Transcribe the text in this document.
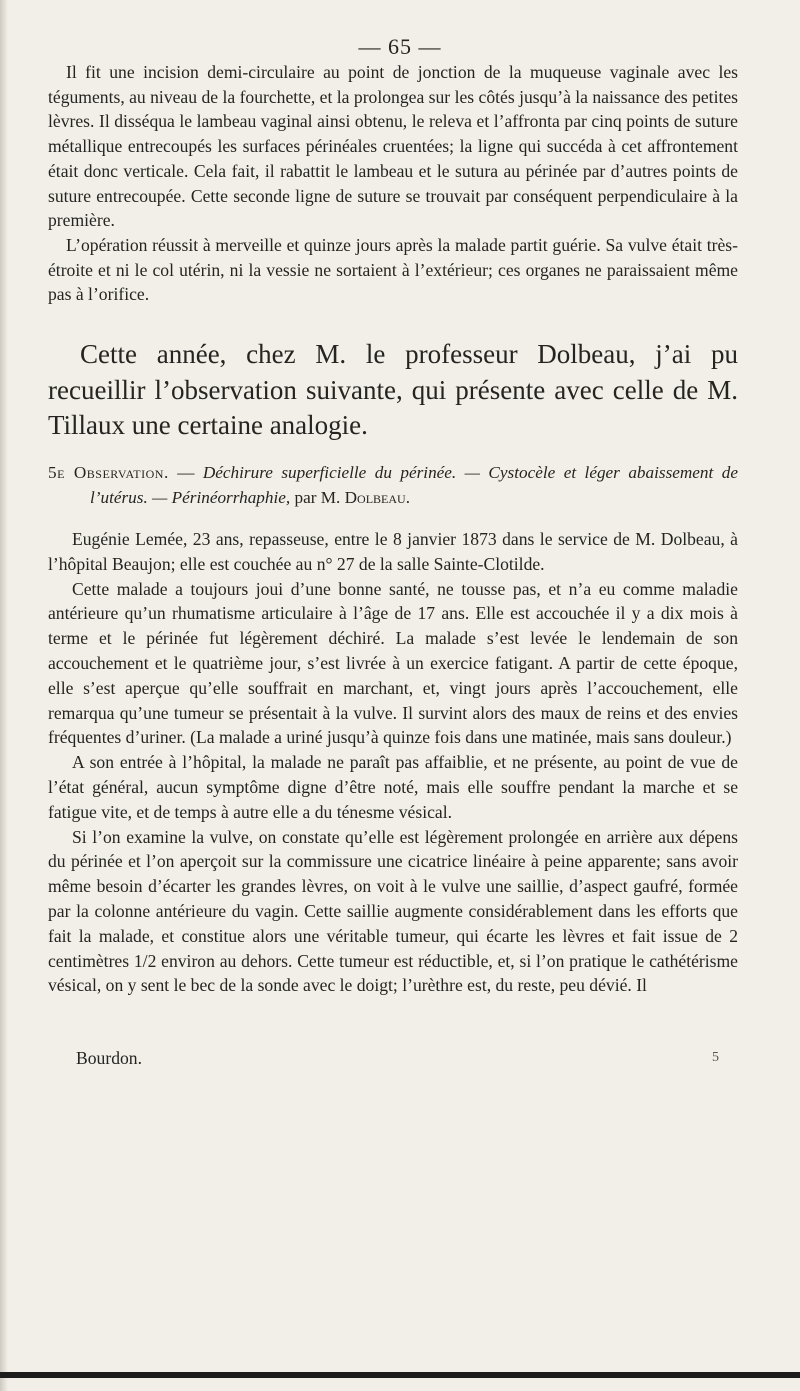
— 65 —

Il fit une incision demi-circulaire au point de jonction de la muqueuse vaginale avec les téguments, au niveau de la fourchette, et la prolongea sur les côtés jusqu’à la naissance des petites lèvres. Il disséqua le lambeau vaginal ainsi obtenu, le releva et l’affronta par cinq points de suture métallique entrecoupés les surfaces périnéales cruentées; la ligne qui succéda à cet affrontement était donc verticale. Cela fait, il rabattit le lambeau et le sutura au périnée par d’autres points de suture entrecoupée. Cette seconde ligne de suture se trouvait par conséquent perpendiculaire à la première.

L’opération réussit à merveille et quinze jours après la malade partit guérie. Sa vulve était très-étroite et ni le col utérin, ni la vessie ne sortaient à l’extérieur; ces organes ne paraissaient même pas à l’orifice.

Cette année, chez M. le professeur Dolbeau, j’ai pu recueillir l’observation suivante, qui présente avec celle de M. Tillaux une certaine analogie.

5e Observation. — Déchirure superficielle du périnée. — Cystocèle et léger abaissement de l’utérus. — Périnéorrhaphie, par M. Dolbeau.

Eugénie Lemée, 23 ans, repasseuse, entre le 8 janvier 1873 dans le service de M. Dolbeau, à l’hôpital Beaujon; elle est couchée au n° 27 de la salle Sainte-Clotilde.

Cette malade a toujours joui d’une bonne santé, ne tousse pas, et n’a eu comme maladie antérieure qu’un rhumatisme articulaire à l’âge de 17 ans. Elle est accouchée il y a dix mois à terme et le périnée fut légèrement déchiré. La malade s’est levée le lendemain de son accouchement et le quatrième jour, s’est livrée à un exercice fatigant. A partir de cette époque, elle s’est aperçue qu’elle souffrait en marchant, et, vingt jours après l’accouchement, elle remarqua qu’une tumeur se présentait à la vulve. Il survint alors des maux de reins et des envies fréquentes d’uriner. (La malade a uriné jusqu’à quinze fois dans une matinée, mais sans douleur.)

A son entrée à l’hôpital, la malade ne paraît pas affaiblie, et ne présente, au point de vue de l’état général, aucun symptôme digne d’être noté, mais elle souffre pendant la marche et se fatigue vite, et de temps à autre elle a du ténesme vésical.

Si l’on examine la vulve, on constate qu’elle est légèrement prolongée en arrière aux dépens du périnée et l’on aperçoit sur la commissure une cicatrice linéaire à peine apparente; sans avoir même besoin d’écarter les grandes lèvres, on voit à le vulve une saillie, d’aspect gaufré, formée par la colonne antérieure du vagin. Cette saillie augmente considérablement dans les efforts que fait la malade, et constitue alors une véritable tumeur, qui écarte les lèvres et fait issue de 2 centimètres 1/2 environ au dehors. Cette tumeur est réductible, et, si l’on pratique le cathétérisme vésical, on y sent le bec de la sonde avec le doigt; l’urèthre est, du reste, peu dévié. Il

Bourdon.	5
